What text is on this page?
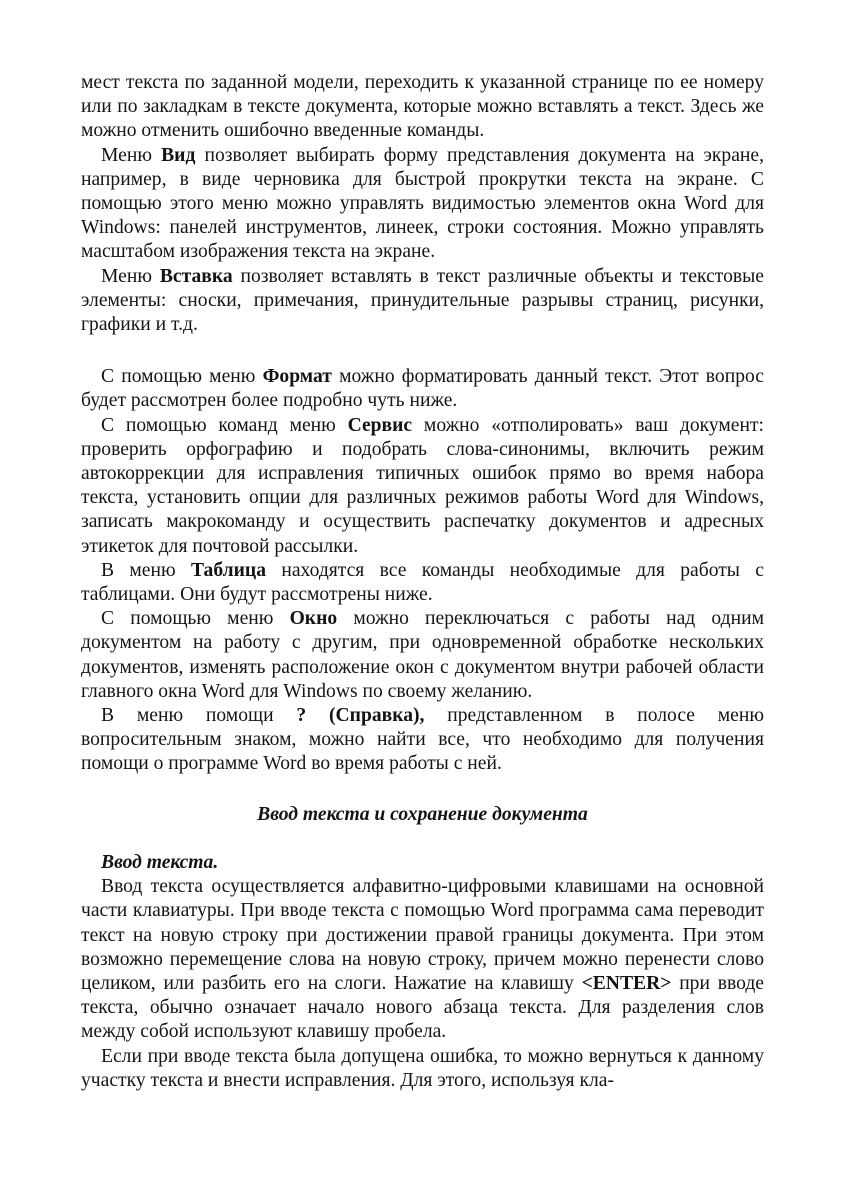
мест текста по заданной модели, переходить к указанной странице по ее номеру или по закладкам в тексте документа, которые можно вставлять а текст. Здесь же можно отменить ошибочно введенные команды.

Меню Вид позволяет выбирать форму представления документа на экране, например, в виде черновика для быстрой прокрутки текста на экране. С помощью этого меню можно управлять видимостью элементов окна Word для Windows: панелей инструментов, линеек, строки состояния. Можно управлять масштабом изображения текста на экране.

Меню Вставка позволяет вставлять в текст различные объекты и текстовые элементы: сноски, примечания, принудительные разрывы страниц, рисунки, графики и т.д.

С помощью меню Формат можно форматировать данный текст. Этот вопрос будет рассмотрен более подробно чуть ниже.

С помощью команд меню Сервис можно «отполировать» ваш документ: проверить орфографию и подобрать слова-синонимы, включить режим автокоррекции для исправления типичных ошибок прямо во время набора текста, установить опции для различных режимов работы Word для Windows, записать макрокоманду и осуществить распечатку документов и адресных этикеток для почтовой рассылки.

В меню Таблица находятся все команды необходимые для работы с таблицами. Они будут рассмотрены ниже.

С помощью меню Окно можно переключаться с работы над одним документом на работу с другим, при одновременной обработке нескольких документов, изменять расположение окон с документом внутри рабочей области главного окна Word для Windows по своему желанию.

В меню помощи ? (Справка), представленном в полосе меню вопросительным знаком, можно найти все, что необходимо для получения помощи о программе Word во время работы с ней.

Ввод текста и сохранение документа

Ввод текста.

Ввод текста осуществляется алфавитно-цифровыми клавишами на основной части клавиатуры. При вводе текста с помощью Word программа сама переводит текст на новую строку при достижении правой границы документа. При этом возможно перемещение слова на новую строку, причем можно перенести слово целиком, или разбить его на слоги. Нажатие на клавишу <ENTER> при вводе текста, обычно означает начало нового абзаца текста. Для разделения слов между собой используют клавишу пробела.

Если при вводе текста была допущена ошибка, то можно вернуться к данному участку текста и внести исправления. Для этого, используя кла-
